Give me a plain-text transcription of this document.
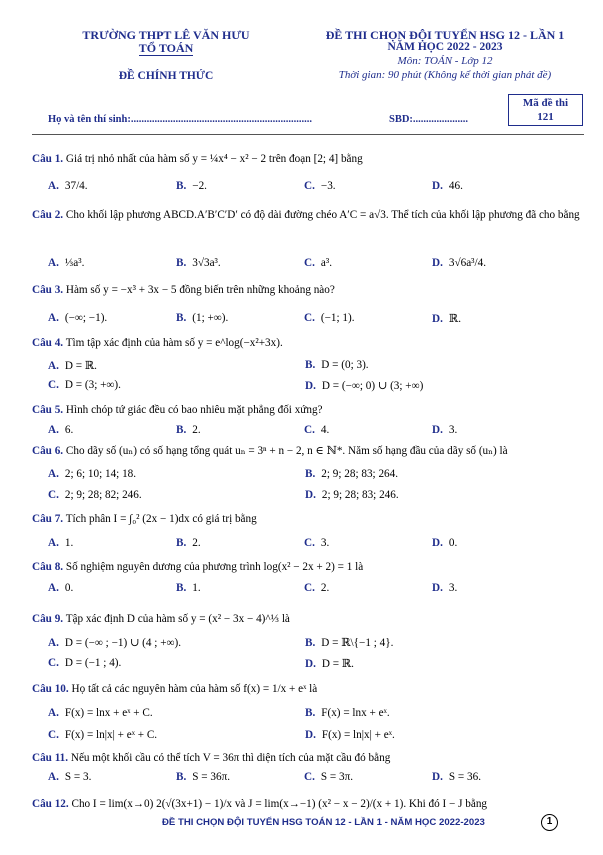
TRƯỜNG THPT LÊ VĂN HƯU
TỔ TOÁN
ĐỀ CHÍNH THỨC
ĐỀ THI CHỌN ĐỘI TUYỂN HSG 12 - LẦN 1
NĂM HỌC 2022 - 2023
Môn: TOÁN - Lớp 12
Thời gian: 90 phút (Không kể thời gian phát đề)
Họ và tên thí sinh:.....................................................................	SBD:.....................
Mã đề thi
121
Câu 1. Giá trị nhỏ nhất của hàm số y = ¼x⁴ − x² − 2 trên đoạn [2; 4] bằng
A. 37/4.	B. −2.	C. −3.	D. 46.
Câu 2. Cho khối lập phương ABCD.A′B′C′D′ có độ dài đường chéo A′C = a√3. Thể tích của khối lập phương đã cho bằng
A. ⅓a³.	B. 3√3a³.	C. a³.	D. 3√6a³/4.
Câu 3. Hàm số y = −x³ + 3x − 5 đồng biến trên những khoảng nào?
A. (−∞; −1).	B. (1; +∞).	C. (−1; 1).	D. ℝ.
Câu 4. Tìm tập xác định của hàm số y = e^log(−x²+3x).
A. D = ℝ.	B. D = (0; 3).
C. D = (3; +∞).	D. D = (−∞; 0) ∪ (3; +∞)
Câu 5. Hình chóp tứ giác đều có bao nhiêu mặt phẳng đối xứng?
A. 6.	B. 2.	C. 4.	D. 3.
Câu 6. Cho dãy số (uₙ) có số hạng tổng quát uₙ = 3ⁿ + n − 2, n ∈ ℕ*. Năm số hạng đầu của dãy số (uₙ) là
A. 2; 6; 10; 14; 18.	B. 2; 9; 28; 83; 264.
C. 2; 9; 28; 82; 246.	D. 2; 9; 28; 83; 246.
Câu 7. Tích phân I = ∫₀² (2x − 1)dx có giá trị bằng
A. 1.	B. 2.	C. 3.	D. 0.
Câu 8. Số nghiệm nguyên dương của phương trình log(x² − 2x + 2) = 1 là
A. 0.	B. 1.	C. 2.	D. 3.
Câu 9. Tập xác định D của hàm số y = (x² − 3x − 4)^⅓ là
A. D = (−∞ ; −1) ∪ (4 ; +∞).	B. D = ℝ\{−1 ; 4}.
C. D = (−1 ; 4).	D. D = ℝ.
Câu 10. Họ tất cả các nguyên hàm của hàm số f(x) = 1/x + eˣ là
A. F(x) = lnx + eˣ + C.	B. F(x) = lnx + eˣ.
C. F(x) = ln|x| + eˣ + C.	D. F(x) = ln|x| + eˣ.
Câu 11. Nếu một khối cầu có thể tích V = 36π thì diện tích của mặt cầu đó bằng
A. S = 3.	B. S = 36π.	C. S = 3π.	D. S = 36.
Câu 12. Cho I = lim(x→0) 2(√(3x+1) − 1)/x và J = lim(x→−1) (x² − x − 2)/(x + 1). Khi đó I − J bằng
ĐỀ THI CHỌN ĐỘI TUYỂN HSG TOÁN 12 - LẦN 1 - NĂM HỌC 2022-2023	1
